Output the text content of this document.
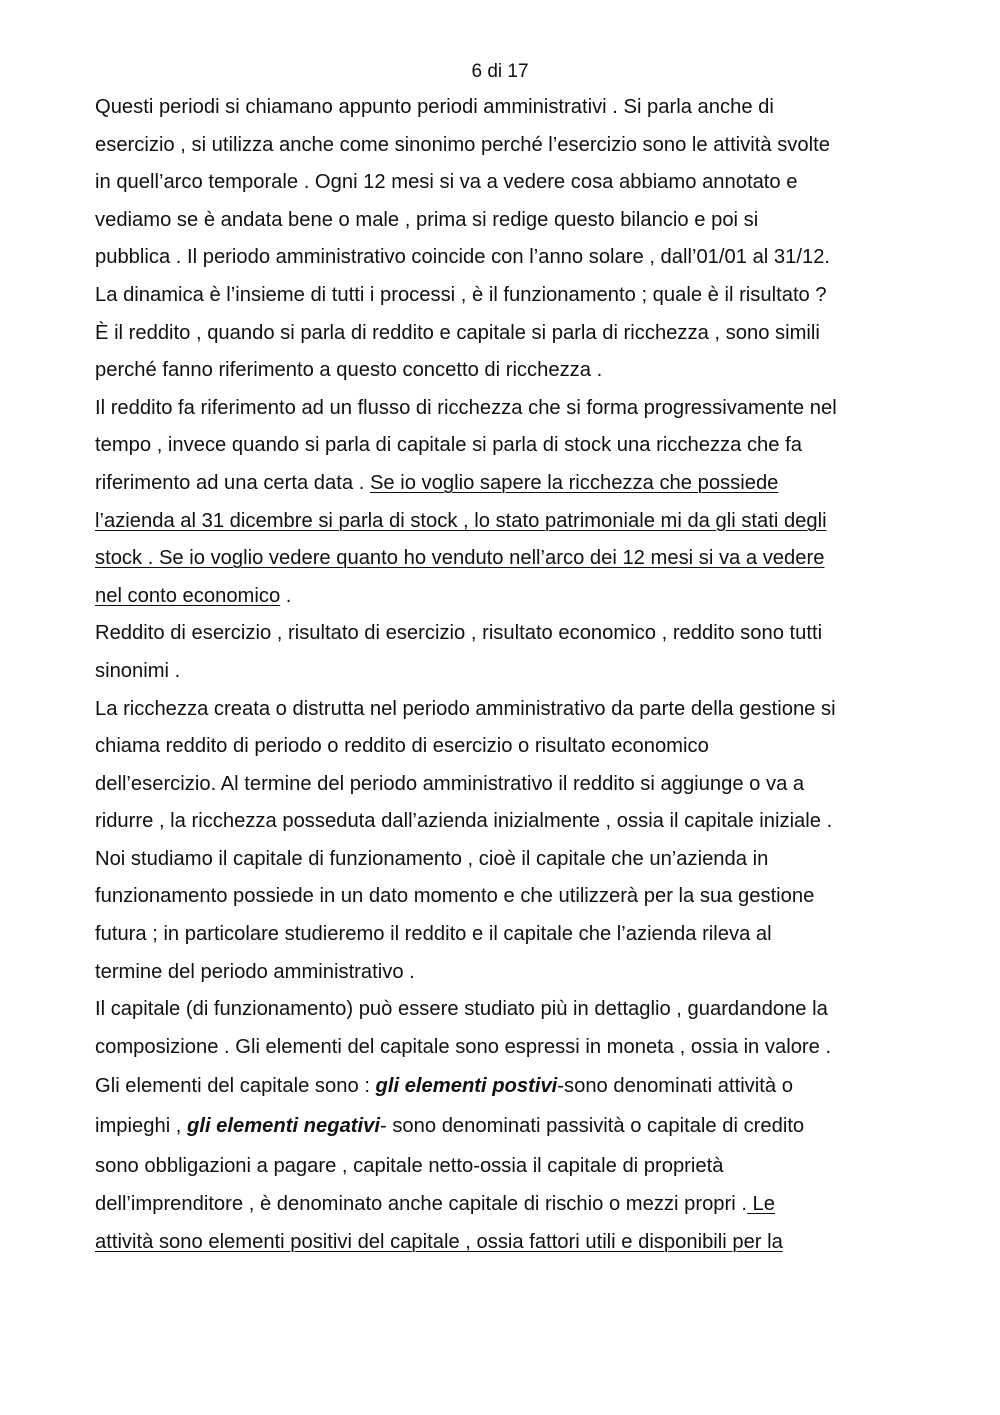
6 di 17
Questi periodi si chiamano appunto periodi amministrativi . Si parla anche di
esercizio , si utilizza anche come sinonimo perché l’esercizio sono le attività svolte
in quell’arco temporale . Ogni 12 mesi si va a vedere cosa abbiamo annotato e
vediamo se è andata bene o male , prima si redige questo bilancio e poi si
pubblica . Il periodo amministrativo coincide con l’anno solare , dall’01/01 al 31/12.
La dinamica è l’insieme di tutti i processi , è il funzionamento ; quale è il risultato ?
È il reddito , quando si parla di reddito e capitale si parla di ricchezza , sono simili
perché fanno riferimento a questo concetto di ricchezza .
Il reddito fa riferimento ad un flusso di ricchezza che si forma progressivamente nel
tempo , invece quando si parla di capitale si parla di stock una ricchezza che fa
riferimento ad una certa data . Se io voglio sapere la ricchezza che possiede
l’azienda al 31 dicembre si parla di stock , lo stato patrimoniale mi da gli stati degli
stock . Se io voglio vedere quanto ho venduto nell’arco dei 12 mesi si va a vedere
nel conto economico .
Reddito di esercizio , risultato di esercizio , risultato economico , reddito sono tutti
sinonimi .
La ricchezza creata o distrutta nel periodo amministrativo da parte della gestione si
chiama reddito di periodo o reddito di esercizio o risultato economico
dell’esercizio. Al termine del periodo amministrativo il reddito si aggiunge o va a
ridurre , la ricchezza posseduta dall’azienda inizialmente , ossia il capitale iniziale .
Noi studiamo il capitale di funzionamento , cioè il capitale che un’azienda in
funzionamento possiede in un dato momento e che utilizzerà per la sua gestione
futura ; in particolare studieremo il reddito e il capitale che l’azienda rileva al
termine del periodo amministrativo .
Il capitale (di funzionamento) può essere studiato più in dettaglio , guardandone la
composizione . Gli elementi del capitale sono espressi in moneta , ossia in valore .
Gli elementi del capitale sono : gli elementi postivi-sono denominati attività o
impieghi , gli elementi negativi- sono denominati passività o capitale di credito
sono obbligazioni a pagare , capitale netto-ossia il capitale di proprietà
dell’imprenditore , è denominato anche capitale di rischio o mezzi propri . Le
attività sono elementi positivi del capitale , ossia fattori utili e disponibili per la
